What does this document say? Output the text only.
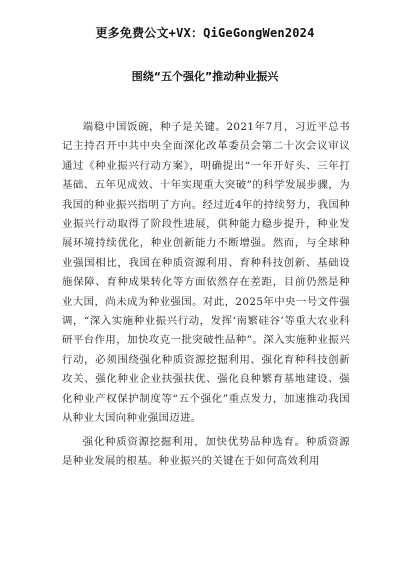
更多免费公文+VX：QiGeGongWen2024
围绕“五个强化”推动种业振兴

端稳中国饭碗，种子是关键。2021年7月，习近平总书记主持召开中共中央全面深化改革委员会第二十次会议审议通过《种业振兴行动方案》，明确提出“一年开好头、三年打基础、五年见成效、十年实现重大突破”的科学发展步骤，为我国的种业振兴指明了方向。经过近4年的持续努力，我国种业振兴行动取得了阶段性进展，供种能力稳步提升，种业发展环境持续优化，种业创新能力不断增强。然而，与全球种业强国相比，我国在种质资源利用、育种科技创新、基础设施保障、育种成果转化等方面依然存在差距，目前仍然是种业大国，尚未成为种业强国。对此，2025年中央一号文件强调，“深入实施种业振兴行动，发挥‘南繁硅谷’等重大农业科研平台作用，加快攻克一批突破性品种”。深入实施种业振兴行动，必须围绕强化种质资源挖掘利用、强化育种科技创新攻关、强化种业企业扶强扶优、强化良种繁育基地建设、强化种业产权保护制度等“五个强化”重点发力，加速推动我国从种业大国向种业强国迈进。

强化种质资源挖掘利用，加快优势品种选育。种质资源是种业发展的根基。种业振兴的关键在于如何高效利用
